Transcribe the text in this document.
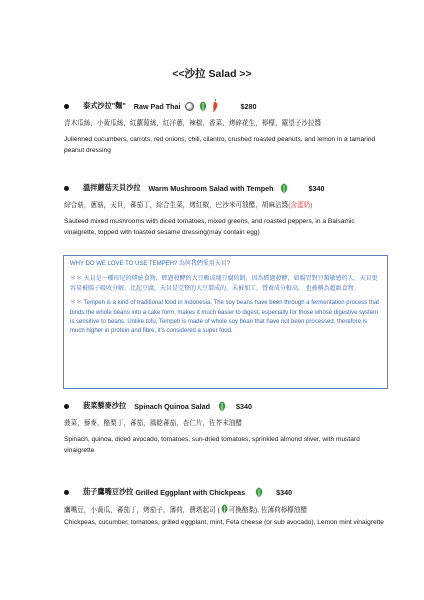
<<沙拉 Salad >>
泰式沙拉"麵" Raw Pad Thai	$280
青木瓜絲，小黃瓜絲，紅蘿蔔絲，紅洋蔥，辣椒，香菜，烤碎花生，檸檬，羅望子沙拉醬
Julienned cucumbers, carrots, red onions, chili, cilantro, crushed roasted peanuts, and lemon in a tamarind peanut dressing
溫拌蘑菇天貝沙拉 Warm Mushroom Salad with Tempeh	$340
綜合菇，蔥菇，天貝，蕃茄丁，綜合生菜，烤紅椒，巴沙米可油醋，胡麻沾醬(含蛋奶)
Sauteed mixed mushrooms with diced tomatoes, mixed greens, and roasted peppers, in a Balsamic vinaigrette, topped with toasted sesame dressing(may contain egg)
WHY DO WE LOVE TO USE TEMPEH? 為何我們愛用天貝?

＊＊ 天貝是一種印尼的傳統食物，經過發酵的大豆顆成塊豆腐的餅，因為經過發酵，如腸胃對豆類敏感的人，天貝更容易被腸子吸收分解。比起豆腐，天貝是完整的大豆製成的，未被加工，營養成分較高， 也被稱為超級食物。

＊＊ Tempeh is a kind of traditional food in Indonesia. The soy beans have been through a fermentation process that binds the whole beans into a cake form, makes it much easier to digest, especially for those whose digestive system is sensitive to beans. Unlike tofu, Tempeh is made of whole soy bean that have not been processed, therefore is much higher in protein and fibre, it's considered a super food.

菠菜藜麥沙拉 Spinach Quinoa Salad	$340
菠菜，藜麥，酪梨丁，蕃茄，風乾蕃茄，杏仁片，佐芥末油醋
Spinach, quinoa, diced avocado, tomatoes, sun-dried tomatoes, sprinkled almond sliver, with mustard vinaigrette
茄子鷹嘴豆沙拉 Grilled Eggplant with Chickpeas	$340
鷹嘴豆，小黃瓜，蕃茄丁，烤茄子，薄荷，費塔起司 ( 可換酪梨), 佐薄荷檸檬油醋
Chickpeas, cucumber, tomatoes, grilled eggplant, mint, Feta cheese (or sub avocado), Lemon mint vinaigrette
